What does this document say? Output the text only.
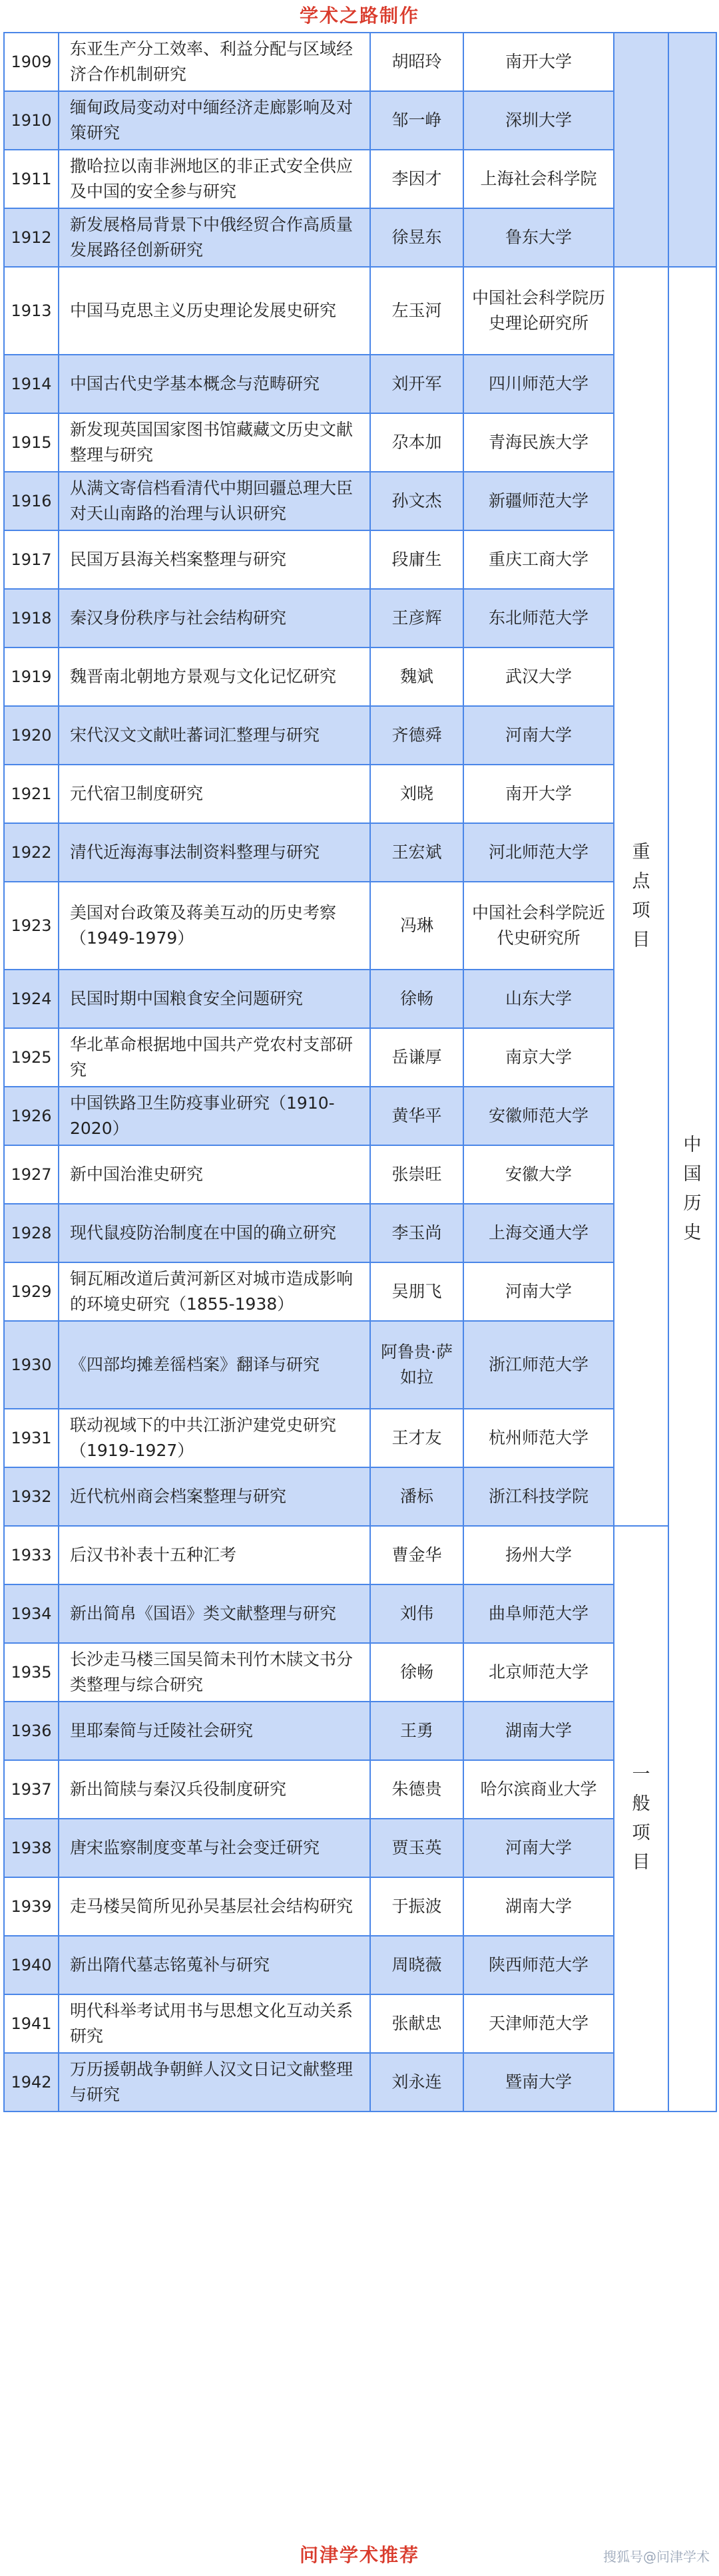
学术之路制作
1909	东亚生产分工效率、利益分配与区域经济合作机制研究	胡昭玲	南开大学		
1910	缅甸政局变动对中缅经济走廊影响及对策研究	邹一峥	深圳大学		
1911	撒哈拉以南非洲地区的非正式安全供应及中国的安全参与研究	李因才	上海社会科学院		
1912	新发展格局背景下中俄经贸合作高质量发展路径创新研究	徐昱东	鲁东大学		
1913	中国马克思主义历史理论发展史研究	左玉河	中国社会科学院历史理论研究所	重点项目	中国历史
1914	中国古代史学基本概念与范畴研究	刘开军	四川师范大学		
1915	新发现英国国家图书馆藏藏文历史文献整理与研究	尕本加	青海民族大学		
1916	从满文寄信档看清代中期回疆总理大臣对天山南路的治理与认识研究	孙文杰	新疆师范大学		
1917	民国万县海关档案整理与研究	段庸生	重庆工商大学		
1918	秦汉身份秩序与社会结构研究	王彦辉	东北师范大学		
1919	魏晋南北朝地方景观与文化记忆研究	魏斌	武汉大学		
1920	宋代汉文文献吐蕃词汇整理与研究	齐德舜	河南大学		
1921	元代宿卫制度研究	刘晓	南开大学		
1922	清代近海海事法制资料整理与研究	王宏斌	河北师范大学		
1923	美国对台政策及蒋美互动的历史考察（1949-1979）	冯琳	中国社会科学院近代史研究所		
1924	民国时期中国粮食安全问题研究	徐畅	山东大学		
1925	华北革命根据地中国共产党农村支部研究	岳谦厚	南京大学		
1926	中国铁路卫生防疫事业研究（1910-2020）	黄华平	安徽师范大学		
1927	新中国治淮史研究	张崇旺	安徽大学		
1928	现代鼠疫防治制度在中国的确立研究	李玉尚	上海交通大学		
1929	铜瓦厢改道后黄河新区对城市造成影响的环境史研究（1855-1938）	吴朋飞	河南大学		
1930	《四部均摊差徭档案》翻译与研究	阿鲁贵·萨如拉	浙江师范大学		
1931	联动视域下的中共江浙沪建党史研究（1919-1927）	王才友	杭州师范大学		
1932	近代杭州商会档案整理与研究	潘标	浙江科技学院		
1933	后汉书补表十五种汇考	曹金华	扬州大学	一般项目	
1934	新出简帛《国语》类文献整理与研究	刘伟	曲阜师范大学		
1935	长沙走马楼三国吴简未刊竹木牍文书分类整理与综合研究	徐畅	北京师范大学		
1936	里耶秦简与迁陵社会研究	王勇	湖南大学		
1937	新出简牍与秦汉兵役制度研究	朱德贵	哈尔滨商业大学		
1938	唐宋监察制度变革与社会变迁研究	贾玉英	河南大学		
1939	走马楼吴简所见孙吴基层社会结构研究	于振波	湖南大学		
1940	新出隋代墓志铭蒐补与研究	周晓薇	陕西师范大学		
1941	明代科举考试用书与思想文化互动关系研究	张献忠	天津师范大学		
1942	万历援朝战争朝鲜人汉文日记文献整理与研究	刘永连	暨南大学		
问津学术推荐	搜狐号@问津学术
